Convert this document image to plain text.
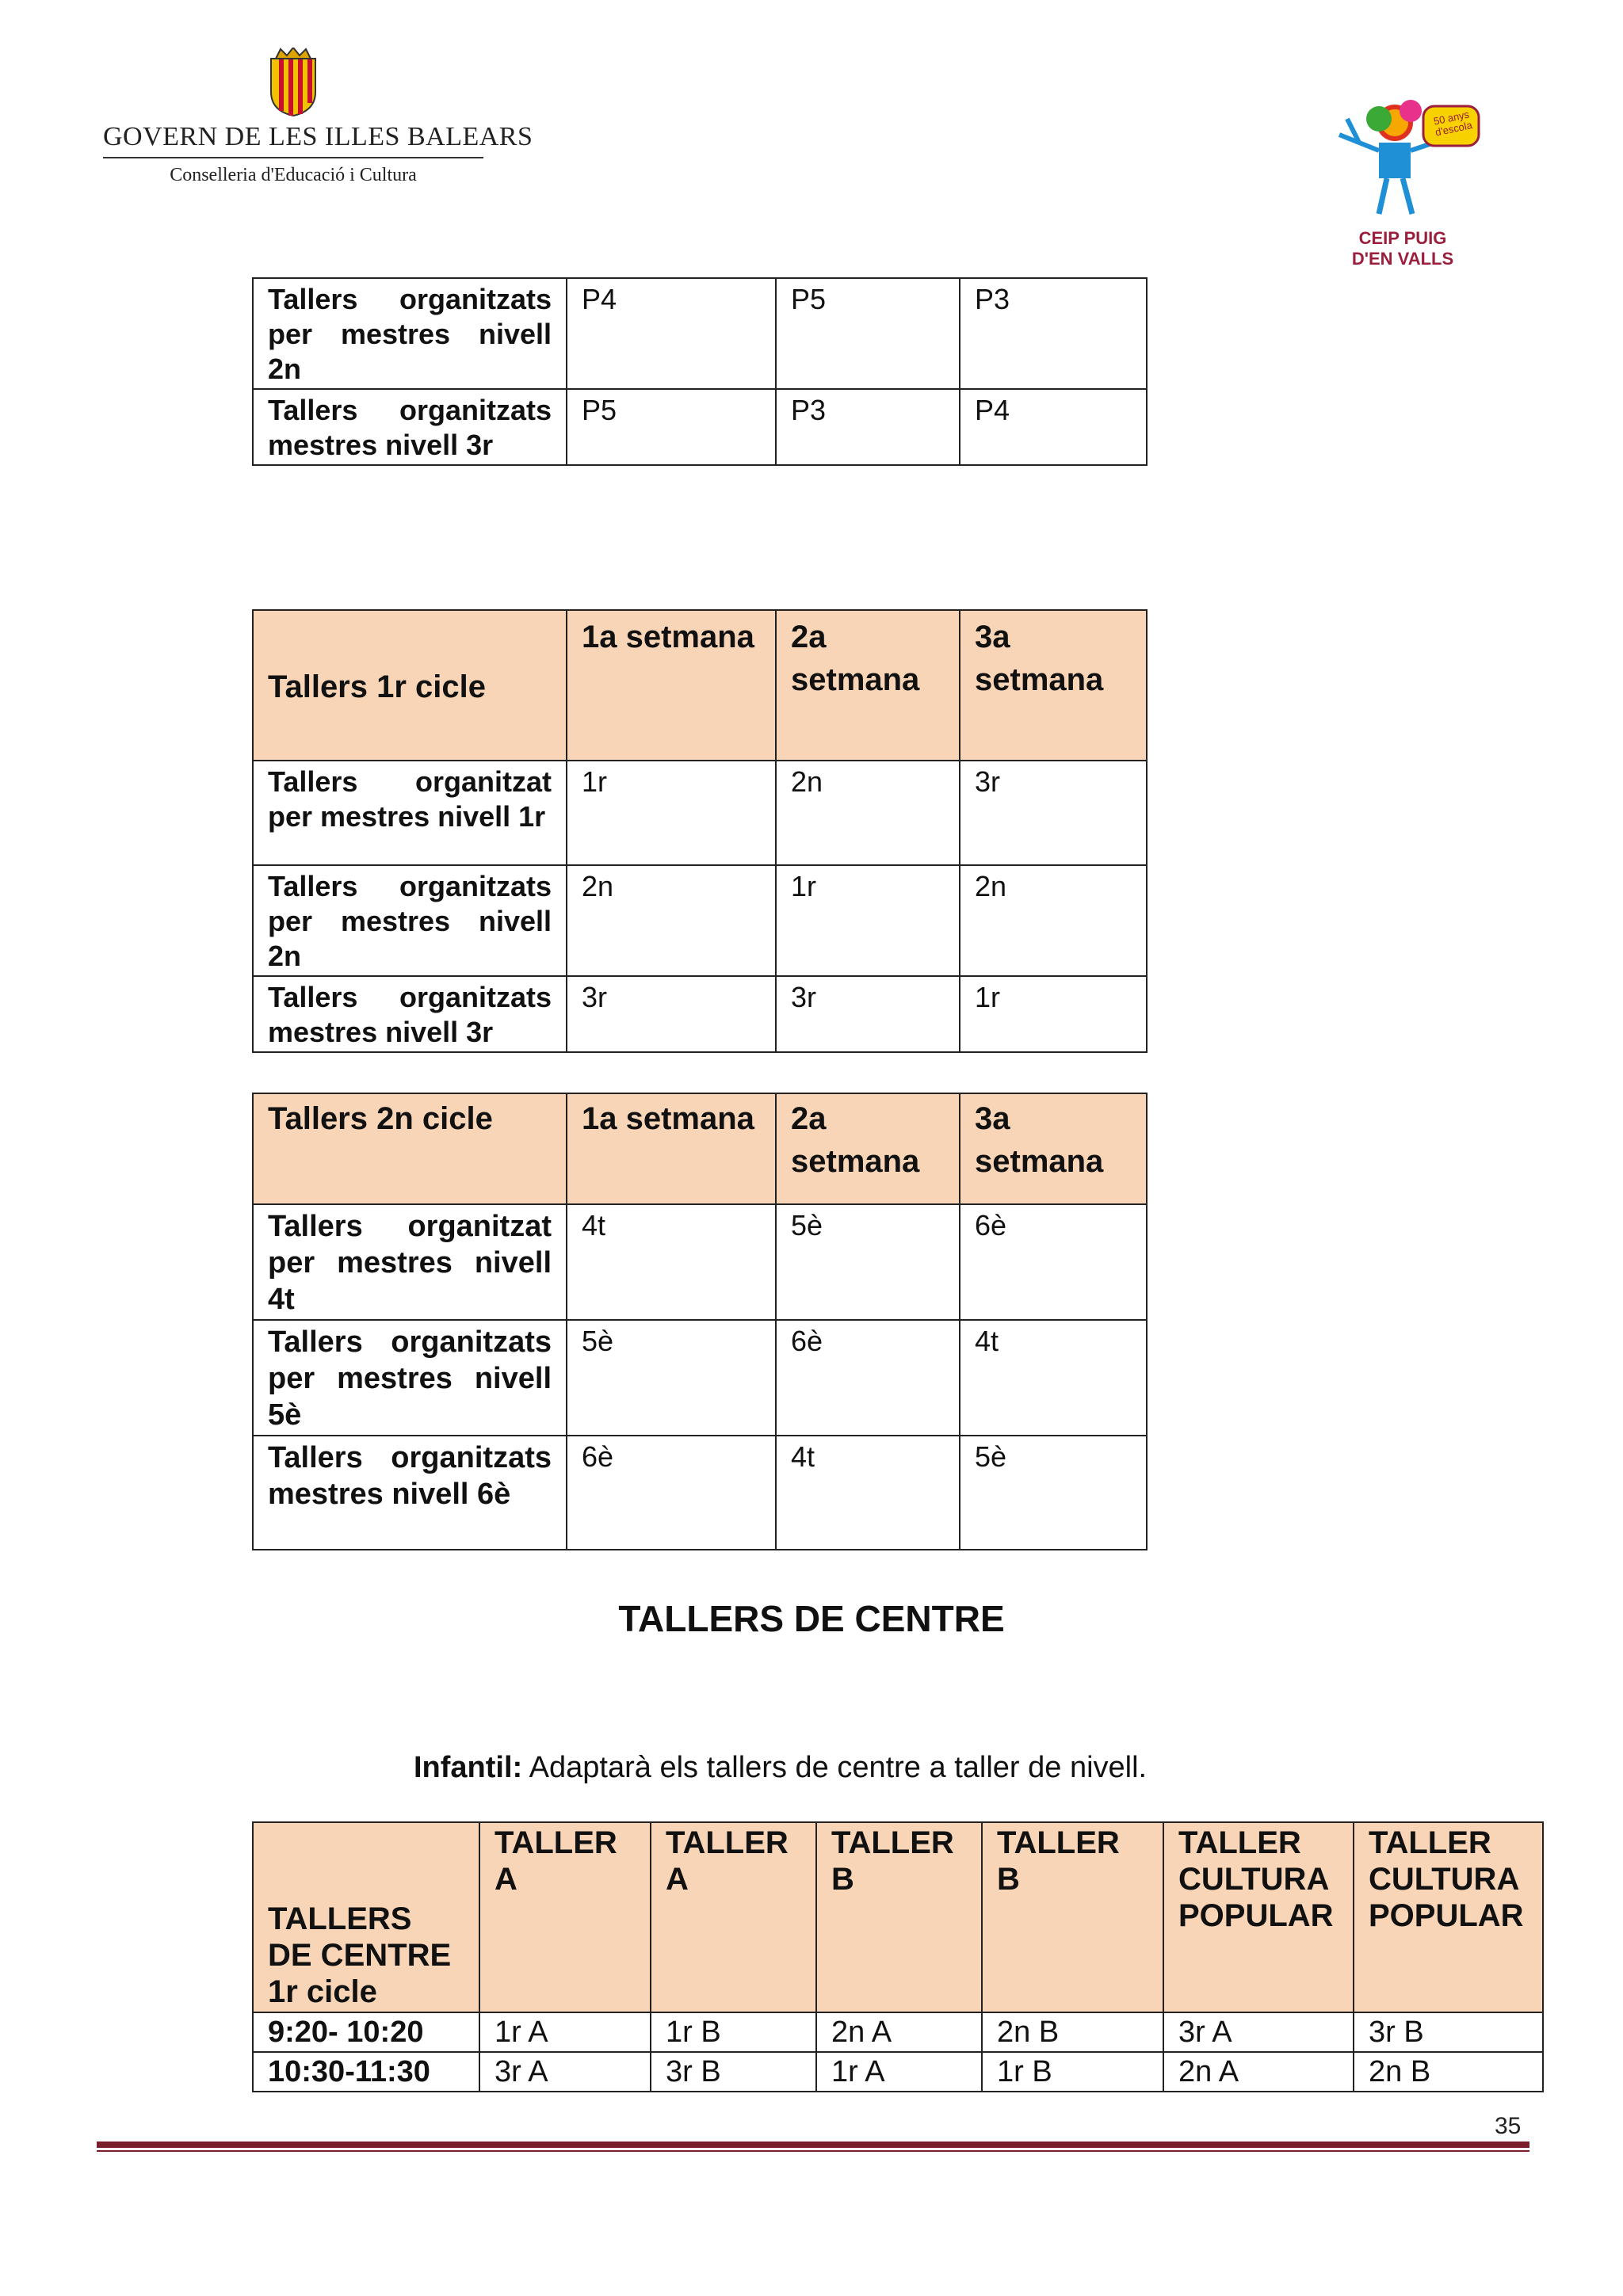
GOVERN DE LES ILLES BALEARS
Conselleria d'Educació i Cultura
50 anys d'escola
CEIP PUIG
D'EN VALLS
Tallers organitzats per mestres nivell 2n	P4	P5	P3
Tallers organitzats mestres nivell 3r	P5	P3	P4
Tallers 1r cicle	1a setmana	2a setmana	3a setmana
Tallers organitzat per mestres nivell 1r	1r	2n	3r
Tallers organitzats per mestres nivell 2n	2n	1r	2n
Tallers organitzats mestres nivell 3r	3r	3r	1r
Tallers 2n cicle	1a setmana	2a setmana	3a setmana
Tallers organitzat per mestres nivell 4t	4t	5è	6è
Tallers organitzats per mestres nivell 5è	5è	6è	4t
Tallers organitzats mestres nivell 6è	6è	4t	5è
TALLERS DE CENTRE
Infantil: Adaptarà els tallers de centre a taller de nivell.
TALLERS DE CENTRE 1r cicle	TALLER A	TALLER A	TALLER B	TALLER B	TALLER CULTURA POPULAR	TALLER CULTURA POPULAR
9:20- 10:20	1r A	1r B	2n A	2n B	3r A	3r B
10:30-11:30	3r A	3r B	1r A	1r B	2n A	2n B
35
